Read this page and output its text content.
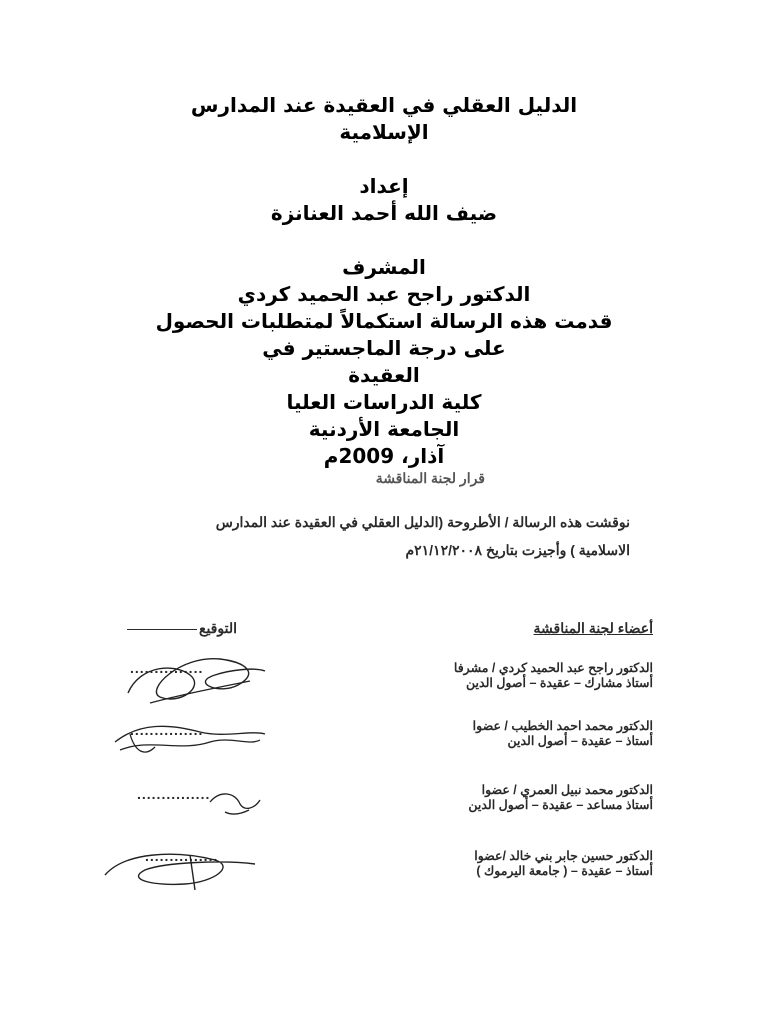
الدليل العقلي في العقيدة عند المدارس
الإسلامية
إعداد
ضيف الله أحمد العنانزة
المشرف
الدكتور راجح عبد الحميد كردي
قدمت هذه الرسالة استكمالاً لمتطلبات الحصول
على درجة الماجستير في
العقيدة
كلية الدراسات العليا
الجامعة الأردنية
آذار، 2009م
قرار لجنة المناقشة
نوقشت هذه الرسالة / الأطروحة (الدليل العقلي في العقيدة عند المدارس
الاسلامية ) وأجيزت بتاريخ ٢١/١٢/٢٠٠٨م
أعضاء لجنة المناقشة
التوقيع
الدكتور راجح عبد الحميد كردي / مشرفا
أستاذ مشارك – عقيدة – أصول الدين
الدكتور محمد احمد الخطيب / عضوا
أستاذ – عقيدة – أصول الدين
الدكتور محمد نبيل العمري / عضوا
أستاذ مساعد – عقيدة – أصول الدين
الدكتور حسين جابر بني خالد /عضوا
أستاذ – عقيدة – ( جامعة اليرموك )
...............
...............
...............
...............
